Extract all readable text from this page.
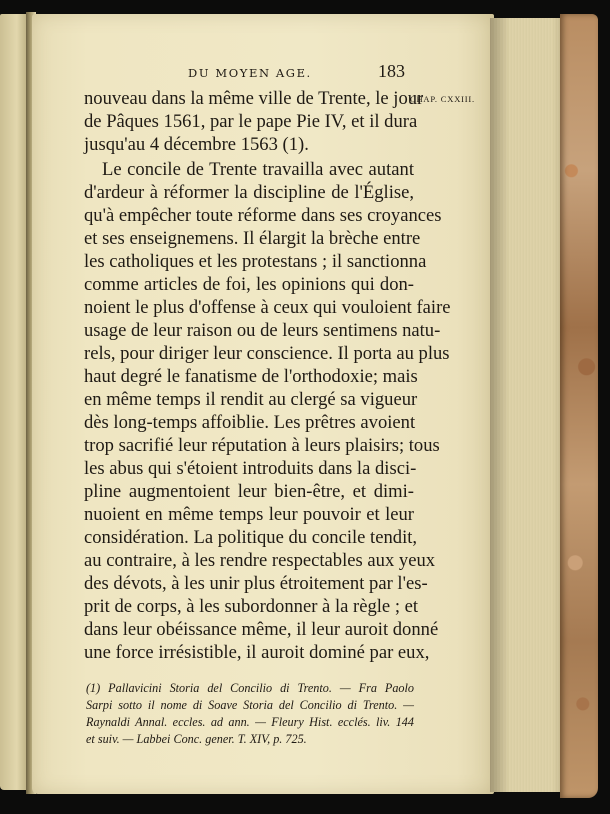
DU MOYEN AGE.	183
CHAP. CXXIII.
nouveau dans la même ville de Trente, le jour
de Pâques 1561, par le pape Pie IV, et il dura
jusqu'au 4 décembre 1563 (1).
Le concile de Trente travailla avec autant
d'ardeur à réformer la discipline de l'Église,
qu'à empêcher toute réforme dans ses croyances
et ses enseignemens. Il élargit la brèche entre
les catholiques et les protestans ; il sanctionna
comme articles de foi, les opinions qui don-
noient le plus d'offense à ceux qui vouloient faire
usage de leur raison ou de leurs sentimens natu-
rels, pour diriger leur conscience. Il porta au plus
haut degré le fanatisme de l'orthodoxie; mais
en même temps il rendit au clergé sa vigueur
dès long-temps affoiblie. Les prêtres avoient
trop sacrifié leur réputation à leurs plaisirs; tous
les abus qui s'étoient introduits dans la disci-
pline augmentoient leur bien-être, et dimi-
nuoient en même temps leur pouvoir et leur
considération. La politique du concile tendit,
au contraire, à les rendre respectables aux yeux
des dévots, à les unir plus étroitement par l'es-
prit de corps, à les subordonner à la règle ; et
dans leur obéissance même, il leur auroit donné
une force irrésistible, il auroit dominé par eux,
(1) Pallavicini Storia del Concilio di Trento. — Fra Paolo
Sarpi sotto il nome di Soave Storia del Concilio di Trento. —
Raynaldi Annal. eccles. ad ann. — Fleury Hist. ecclés. liv. 144
et suiv. — Labbei Conc. gener. T. XIV, p. 725.
